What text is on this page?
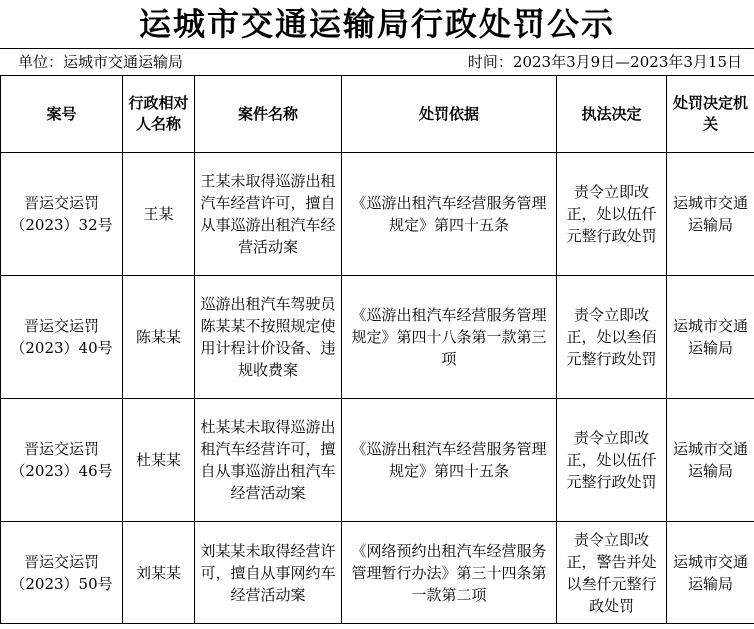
运城市交通运输局行政处罚公示
单位：运城市交通运输局	时间：2023年3月9日—2023年3月15日
案号	行政相对人名称	案件名称	处罚依据	执法决定	处罚决定机关
晋运交运罚（2023）32号	王某	王某未取得巡游出租汽车经营许可，擅自从事巡游出租汽车经营活动案	《巡游出租汽车经营服务管理规定》第四十五条	责令立即改正，处以伍仟元整行政处罚	运城市交通运输局
晋运交运罚（2023）40号	陈某某	巡游出租汽车驾驶员陈某某不按照规定使用计程计价设备、违规收费案	《巡游出租汽车经营服务管理规定》第四十八条第一款第三项	责令立即改正，处以叁佰元整行政处罚	运城市交通运输局
晋运交运罚（2023）46号	杜某某	杜某某未取得巡游出租汽车经营许可，擅自从事巡游出租汽车经营活动案	《巡游出租汽车经营服务管理规定》第四十五条	责令立即改正，处以伍仟元整行政处罚	运城市交通运输局
晋运交运罚（2023）50号	刘某某	刘某某未取得经营许可，擅自从事网约车经营活动案	《网络预约出租汽车经营服务管理暂行办法》第三十四条第一款第二项	责令立即改正，警告并处以叁仟元整行政处罚	运城市交通运输局
